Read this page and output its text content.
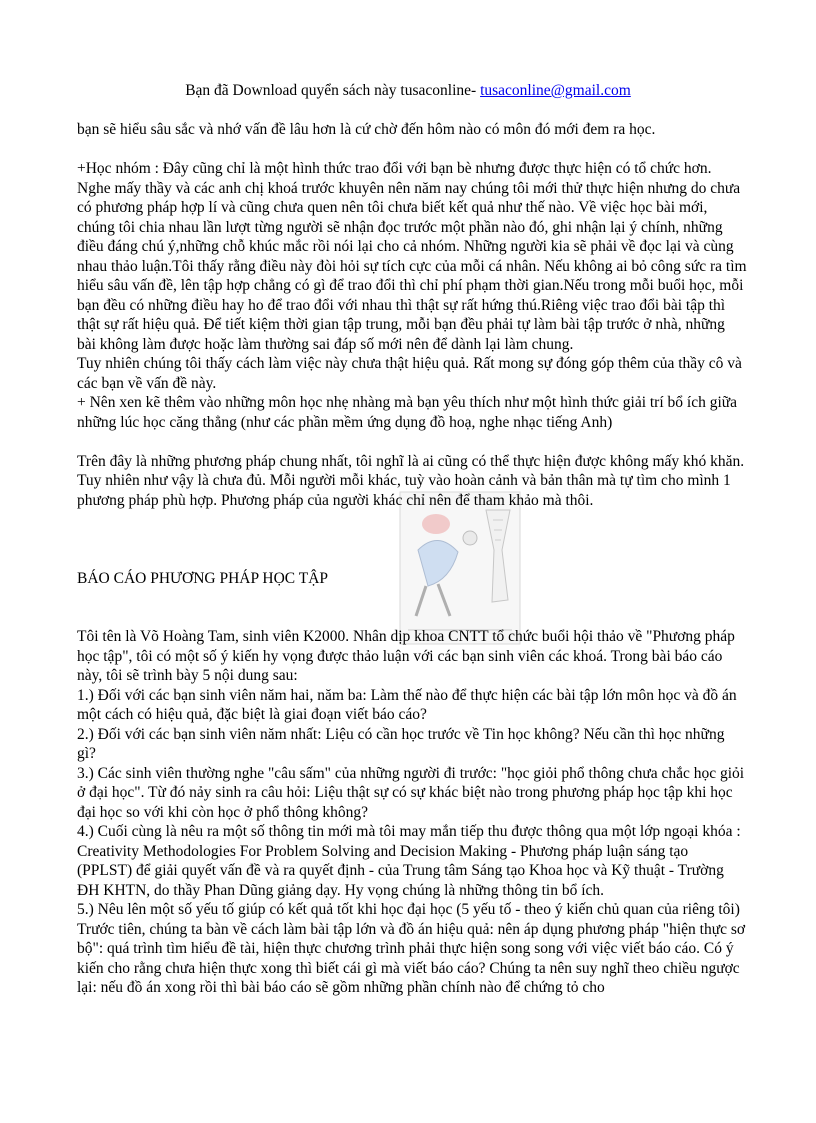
Bạn đã Download quyển sách này tusaconline- tusaconline@gmail.com

bạn sẽ hiểu sâu sắc và nhớ vấn đề lâu hơn là cứ chờ đến hôm nào có môn đó mới đem ra học.

+Học nhóm : Đây cũng chỉ là một hình thức trao đổi với bạn bè nhưng được thực hiện có tổ chức hơn. Nghe mấy thầy và các anh chị khoá trước khuyên nên năm nay chúng tôi mới thử thực hiện nhưng do chưa có phương pháp hợp lí và cũng chưa quen nên tôi chưa biết kết quả như thế nào. Về việc học bài mới, chúng tôi chia nhau lần lượt từng người sẽ nhận đọc trước một phần nào đó, ghi nhận lại ý chính, những điều đáng chú ý,những chỗ khúc mắc rồi nói lại cho cả nhóm. Những người kia sẽ phải về đọc lại và cùng nhau thảo luận.Tôi thấy rằng điều này đòi hỏi sự tích cực của mỗi cá nhân. Nếu không ai bỏ công sức ra tìm hiểu sâu vấn đề, lên tập hợp chẳng có gì để trao đổi thì chỉ phí phạm thời gian.Nếu trong mỗi buổi học, mỗi bạn đều có những điều hay ho để trao đổi với nhau thì thật sự rất hứng thú.Riêng việc trao đổi bài tập thì thật sự rất hiệu quả. Để tiết kiệm thời gian tập trung, mỗi bạn đều phải tự làm bài tập trước ở nhà, những bài không làm được hoặc làm thường sai đáp số mới nên để dành lại làm chung.

Tuy nhiên chúng tôi thấy cách làm việc này chưa thật hiệu quả. Rất mong sự đóng góp thêm của thầy cô và các bạn về vấn đề này.

+ Nên xen kẽ thêm vào những môn học nhẹ nhàng mà bạn yêu thích như một hình thức giải trí bổ ích giữa những lúc học căng thẳng (như các phần mềm ứng dụng đồ hoạ, nghe nhạc tiếng Anh)

Trên đây là những phương pháp chung nhất, tôi nghĩ là ai cũng có thể thực hiện được không mấy khó khăn. Tuy nhiên như vậy là chưa đủ. Mỗi người mỗi khác, tuỳ vào hoàn cảnh và bản thân mà tự tìm cho mình 1 phương pháp phù hợp. Phương pháp của người khác chỉ nên để tham khảo mà thôi.

BÁO CÁO PHƯƠNG PHÁP HỌC TẬP

Tôi tên là Võ Hoàng Tam, sinh viên K2000. Nhân dịp khoa CNTT tổ chức buổi hội thảo về "Phương pháp học tập", tôi có một số ý kiến hy vọng được thảo luận với các bạn sinh viên các khoá. Trong bài báo cáo này, tôi sẽ trình bày 5 nội dung sau:

1.) Đối với các bạn sinh viên năm hai, năm ba: Làm thế nào để thực hiện các bài tập lớn môn học và đồ án một cách có hiệu quả, đặc biệt là giai đoạn viết báo cáo?

2.) Đối với các bạn sinh viên năm nhất: Liệu có cần học trước về Tin học không? Nếu cần thì học những gì?

3.) Các sinh viên thường nghe "câu sấm" của những người đi trước: "học giỏi phổ thông chưa chắc học giỏi ở đại học". Từ đó nảy sinh ra câu hỏi: Liệu thật sự có sự khác biệt nào trong phương pháp học tập khi học đại học so với khi còn học ở phổ thông không?

4.) Cuối cùng là nêu ra một số thông tin mới mà tôi may mắn tiếp thu được thông qua một lớp ngoại khóa : Creativity Methodologies For Problem Solving and Decision Making - Phương pháp luận sáng tạo (PPLST) để giải quyết vấn đề và ra quyết định - của Trung tâm Sáng tạo Khoa học và Kỹ thuật - Trường ĐH KHTN, do thầy Phan Dũng giảng dạy. Hy vọng chúng là những thông tin bổ ích.

5.) Nêu lên một số yếu tố giúp có kết quả tốt khi học đại học (5 yếu tố - theo ý kiến chủ quan của riêng tôi)

Trước tiên, chúng ta bàn về cách làm bài tập lớn và đồ án hiệu quả: nên áp dụng phương pháp "hiện thực sơ bộ": quá trình tìm hiểu đề tài, hiện thực chương trình phải thực hiện song song với việc viết báo cáo. Có ý kiến cho rằng chưa hiện thực xong thì biết cái gì mà viết báo cáo? Chúng ta nên suy nghĩ theo chiều ngược lại: nếu đồ án xong rồi thì bài báo cáo sẽ gồm những phần chính nào để chứng tỏ cho
